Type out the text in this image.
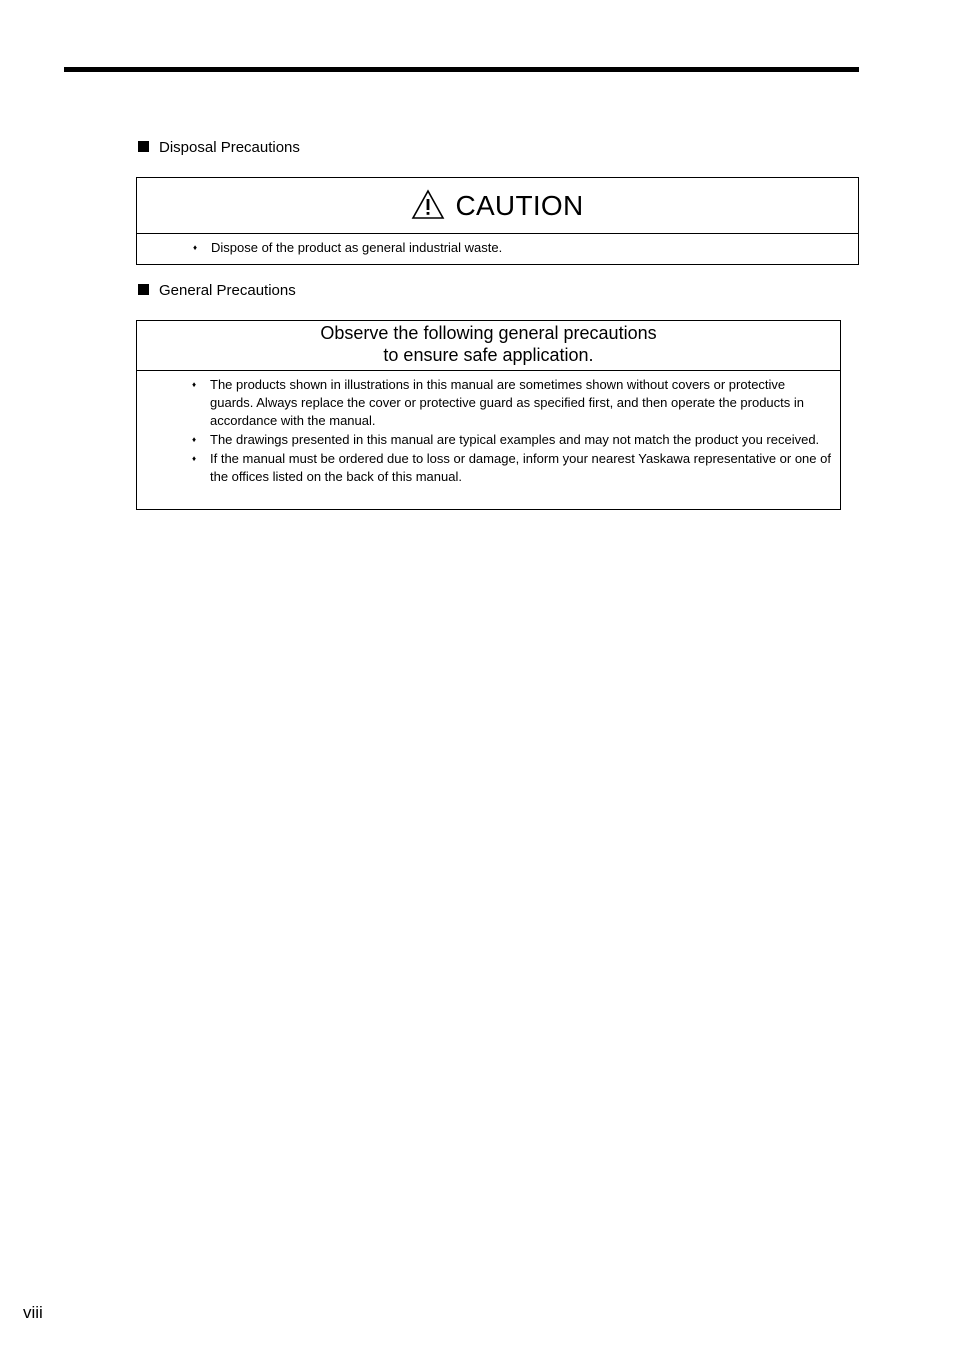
Disposal Precautions
CAUTION
♦ Dispose of the product as general industrial waste.
General Precautions
Observe the following general precautions
to ensure safe application.
♦ The products shown in illustrations in this manual are sometimes shown without covers or protective guards. Always replace the cover or protective guard as specified first, and then operate the products in accordance with the manual.
♦ The drawings presented in this manual are typical examples and may not match the product you received.
♦ If the manual must be ordered due to loss or damage, inform your nearest Yaskawa representative or one of the offices listed on the back of this manual.
viii
